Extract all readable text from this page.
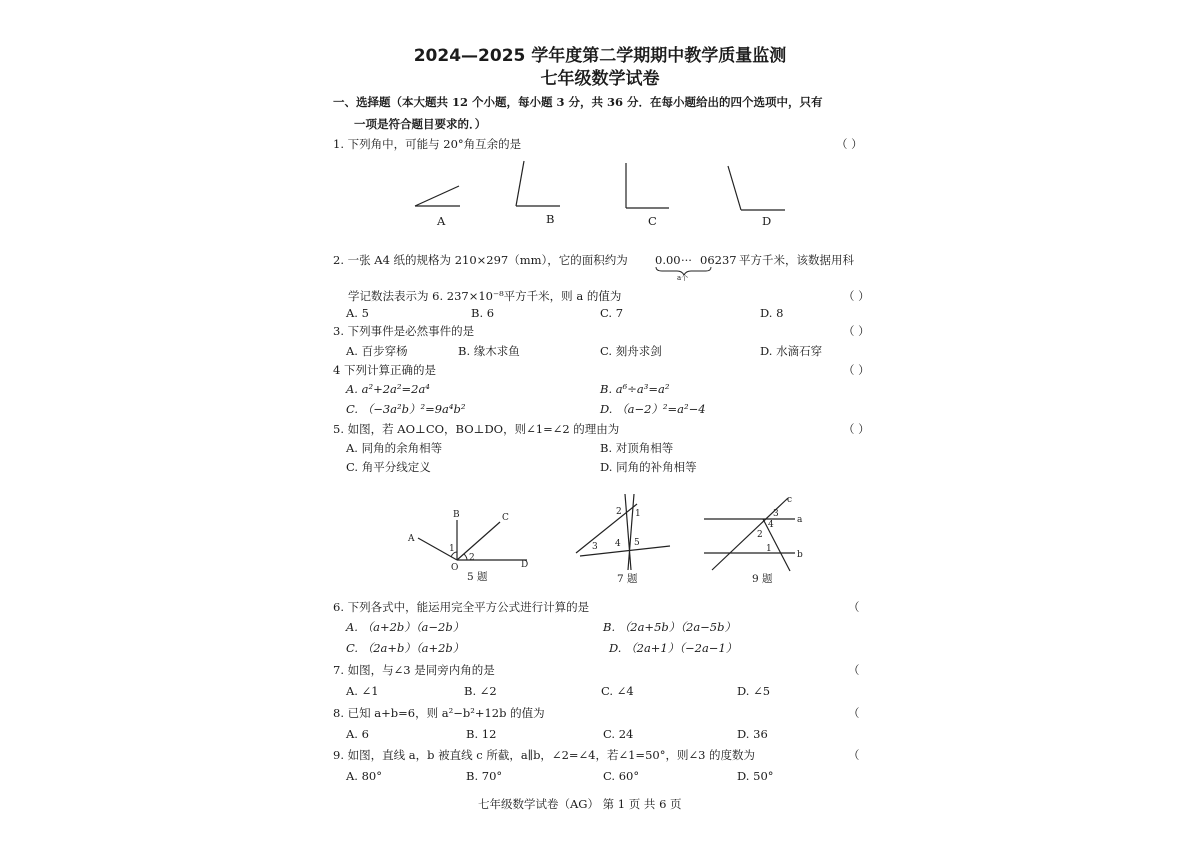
2024—2025 学年度第二学期期中教学质量监测
七年级数学试卷
一、选择题（本大题共 12 个小题，每小题 3 分，共 36 分．在每小题给出的四个选项中，只有
一项是符合题目要求的．）
1. 下列角中，可能与 20°角互余的是	（ ）
A	B	C	D
2. 一张 A4 纸的规格为 210×297（mm），它的面积约为 0.00 ··· 06237 平方千米，该数据用科
a个
学记数法表示为 6. 237×10⁻⁸平方千米，则 a 的值为	（ ）
A. 5	B. 6	C. 7	D. 8
3. 下列事件是必然事件的是	（ ）
A. 百步穿杨	B. 缘木求鱼	C. 刻舟求剑	D. 水滴石穿
4 下列计算正确的是	（ ）
A. a²+2a²=2a⁴	B. a⁶÷a³=a²
C. （−3a²b）²=9a⁴b²	D. （a−2）²=a²−4
5. 如图，若 AO⊥CO，BO⊥DO，则∠1=∠2 的理由为	（ ）
A. 同角的余角相等	B. 对顶角相等
C. 角平分线定义	D. 同角的补角相等
A
B	C
D
O
1
2
5 题
2 1
3 4 5
7 题
a
b
c
1
2
3
4
9 题
6. 下列各式中，能运用完全平方公式进行计算的是	（
A. （a+2b）（a−2b）	B. （2a+5b）（2a−5b）
C. （2a+b）（a+2b）	D. （2a+1）（−2a−1）
7. 如图，与∠3 是同旁内角的是	（
A. ∠1	B. ∠2	C. ∠4	D. ∠5
8. 已知 a+b=6，则 a²−b²+12b 的值为	（
A. 6	B. 12	C. 24	D. 36
9. 如图，直线 a，b 被直线 c 所截，a∥b，∠2=∠4，若∠1=50°，则∠3 的度数为	（
A. 80°	B. 70°	C. 60°	D. 50°
七年级数学试卷（AG） 第 1 页 共 6 页
